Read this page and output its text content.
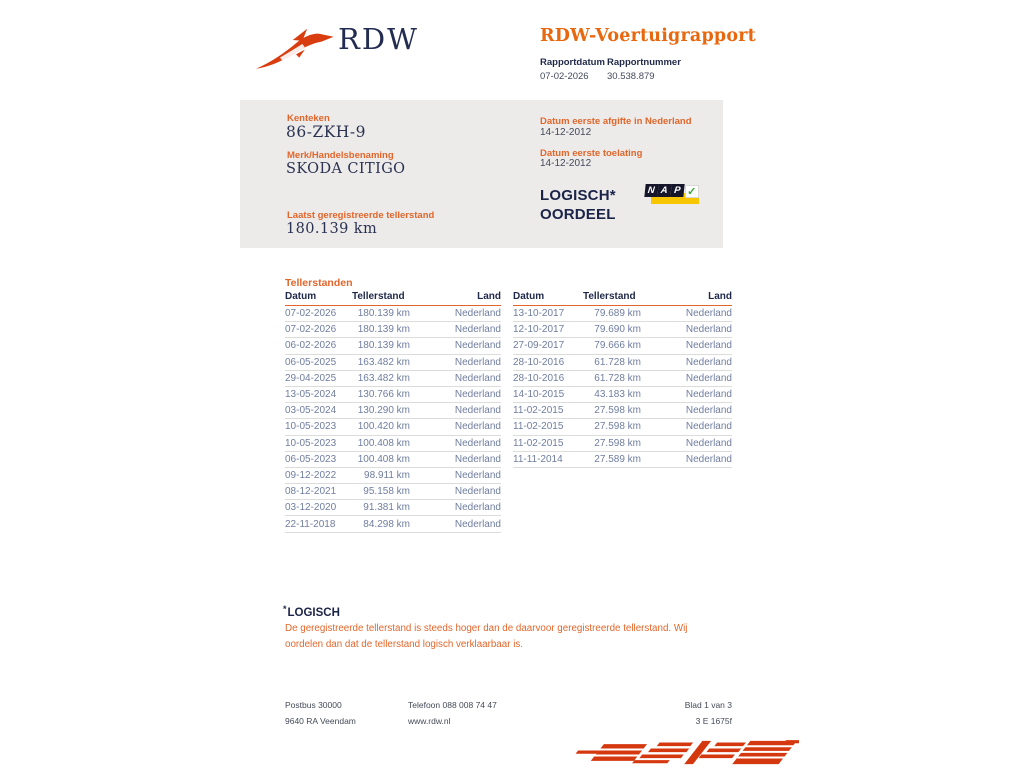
RDW	RDW-Voertuigrapport
Rapportdatum
07-02-2026
Rapportnummer
30.538.879
Kenteken
86-ZKH-9
Merk/Handelsbenaming
SKODA CITIGO
Laatst geregistreerde tellerstand
180.139 km
Datum eerste afgifte in Nederland
14-12-2012
Datum eerste toelating
14-12-2012
LOGISCH*
OORDEEL
N A P ✓
Tellerstanden
Datum	Tellerstand	Land
07-02-2026	180.139 km	Nederland
07-02-2026	180.139 km	Nederland
06-02-2026	180.139 km	Nederland
06-05-2025	163.482 km	Nederland
29-04-2025	163.482 km	Nederland
13-05-2024	130.766 km	Nederland
03-05-2024	130.290 km	Nederland
10-05-2023	100.420 km	Nederland
10-05-2023	100.408 km	Nederland
06-05-2023	100.408 km	Nederland
09-12-2022	98.911 km	Nederland
08-12-2021	95.158 km	Nederland
03-12-2020	91.381 km	Nederland
22-11-2018	84.298 km	Nederland
Datum	Tellerstand	Land
13-10-2017	79.689 km	Nederland
12-10-2017	79.690 km	Nederland
27-09-2017	79.666 km	Nederland
28-10-2016	61.728 km	Nederland
28-10-2016	61.728 km	Nederland
14-10-2015	43.183 km	Nederland
11-02-2015	27.598 km	Nederland
11-02-2015	27.598 km	Nederland
11-02-2015	27.598 km	Nederland
11-11-2014	27.589 km	Nederland
*LOGISCH
De geregistreerde tellerstand is steeds hoger dan de daarvoor geregistreerde tellerstand. Wij oordelen dan dat de tellerstand logisch verklaarbaar is.
Postbus 30000
9640 RA Veendam
Telefoon 088 008 74 47
www.rdw.nl
Blad 1 van 3
3 E 1675f
